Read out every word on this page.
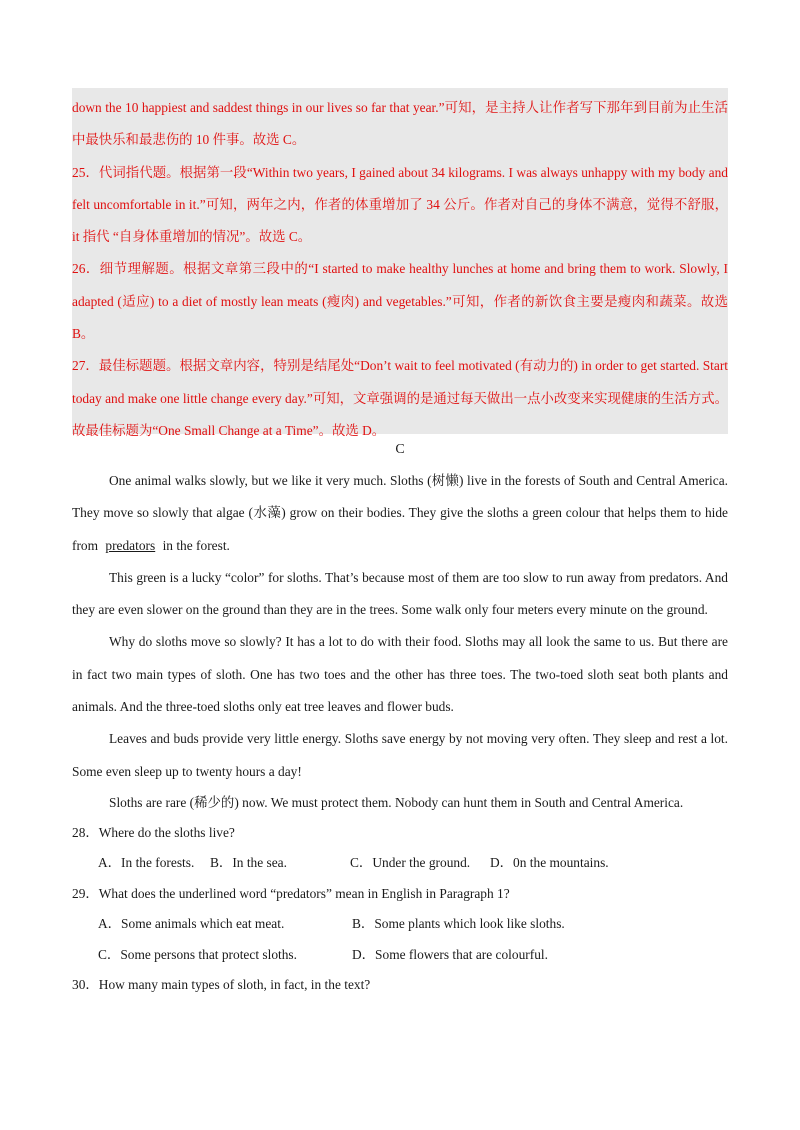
down the 10 happiest and saddest things in our lives so far that year.”可知，是主持人让作者写下那年到目前为止生活中最快乐和最悲伤的 10 件事。故选 C。

25．代词指代题。根据第一段“Within two years, I gained about 34 kilograms. I was always unhappy with my body and felt uncomfortable in it.”可知，两年之内，作者的体重增加了 34 公斤。作者对自己的身体不满意，觉得不舒服，it 指代 “自身体重增加的情况”。故选 C。

26．细节理解题。根据文章第三段中的“I started to make healthy lunches at home and bring them to work. Slowly, I adapted (适应) to a diet of mostly lean meats (瘦肉) and vegetables.”可知，作者的新饮食主要是瘦肉和蔬菜。故选 B。

27．最佳标题题。根据文章内容，特别是结尾处“Don’t wait to feel motivated (有动力的) in order to get started. Start today and make one little change every day.”可知，文章强调的是通过每天做出一点小改变来实现健康的生活方式。故最佳标题为“One Small Change at a Time”。故选 D。

C

One animal walks slowly, but we like it very much. Sloths (树懒) live in the forests of South and Central America. They move so slowly that algae (水藻) grow on their bodies. They give the sloths a green colour that helps them to hide from predators in the forest.

This green is a lucky “color” for sloths. That’s because most of them are too slow to run away from predators. And they are even slower on the ground than they are in the trees. Some walk only four meters every minute on the ground.

Why do sloths move so slowly? It has a lot to do with their food. Sloths may all look the same to us. But there are in fact two main types of sloth. One has two toes and the other has three toes. The two-toed sloth seat both plants and animals. And the three-toed sloths only eat tree leaves and flower buds.

Leaves and buds provide very little energy. Sloths save energy by not moving very often. They sleep and rest a lot. Some even sleep up to twenty hours a day!

Sloths are rare (稀少的) now. We must protect them. Nobody can hunt them in South and Central America.

28．Where do the sloths live?

A．In the forests.	B．In the sea.	C．Under the ground.	D．0n the mountains.

29．What does the underlined word “predators” mean in English in Paragraph 1?

A．Some animals which eat meat.	B．Some plants which look like sloths.

C．Some persons that protect sloths.	D．Some flowers that are colourful.

30．How many main types of sloth, in fact, in the text?
